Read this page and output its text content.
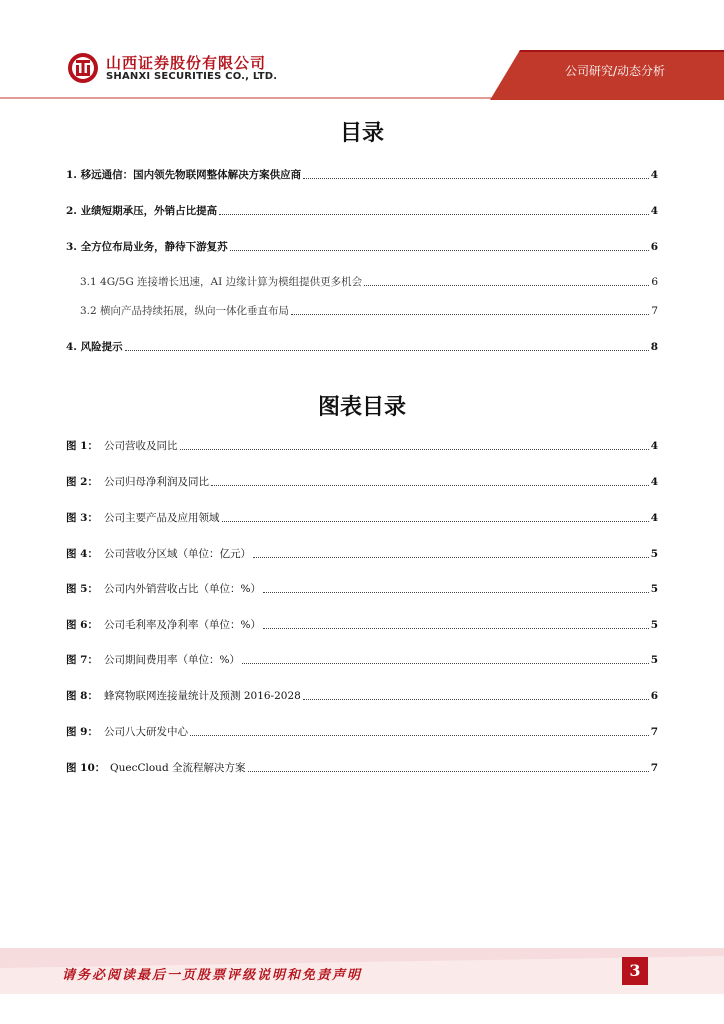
山西证券股份有限公司
SHANXI SECURITIES CO., LTD.	公司研究/动态分析
目录
1. 移远通信：国内领先物联网整体解决方案供应商	4
2. 业绩短期承压，外销占比提高	4
3. 全方位布局业务，静待下游复苏	6
3.1 4G/5G 连接增长迅速，AI 边缘计算为模组提供更多机会	6
3.2 横向产品持续拓展，纵向一体化垂直布局	7
4. 风险提示	8
图表目录
图 1： 公司营收及同比	4
图 2： 公司归母净利润及同比	4
图 3： 公司主要产品及应用领域	4
图 4： 公司营收分区域（单位：亿元）	5
图 5： 公司内外销营收占比（单位：%）	5
图 6： 公司毛利率及净利率（单位：%）	5
图 7： 公司期间费用率（单位：%）	5
图 8： 蜂窝物联网连接量统计及预测 2016-2028	6
图 9： 公司八大研发中心	7
图 10： QuecCloud 全流程解决方案	7
请务必阅读最后一页股票评级说明和免责声明	3
